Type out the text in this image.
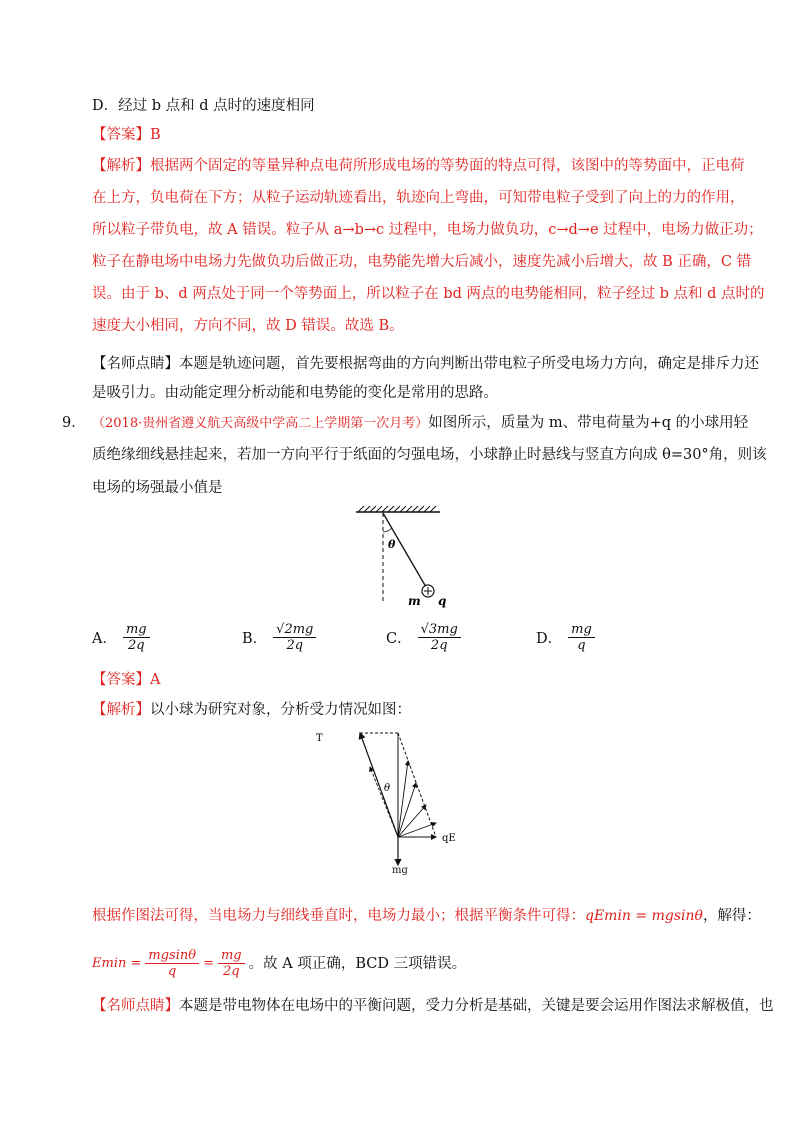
D．经过 b 点和 d 点时的速度相同
【答案】B
【解析】根据两个固定的等量异种点电荷所形成电场的等势面的特点可得，该图中的等势面中，正电荷
在上方，负电荷在下方；从粒子运动轨迹看出，轨迹向上弯曲，可知带电粒子受到了向上的力的作用，
所以粒子带负电，故 A 错误。粒子从 a→b→c 过程中，电场力做负功，c→d→e 过程中，电场力做正功；
粒子在静电场中电场力先做负功后做正功，电势能先增大后减小，速度先减小后增大，故 B 正确，C 错
误。由于 b、d 两点处于同一个等势面上，所以粒子在 bd 两点的电势能相同，粒子经过 b 点和 d 点时的
速度大小相同，方向不同，故 D 错误。故选 B。
【名师点睛】本题是轨迹问题，首先要根据弯曲的方向判断出带电粒子所受电场力方向，确定是排斥力还
是吸引力。由动能定理分析动能和电势能的变化是常用的思路。
9． （2018·贵州省遵义航天高级中学高二上学期第一次月考）如图所示，质量为 m、带电荷量为+q 的小球用轻
质绝缘细线悬挂起来，若加一方向平行于纸面的匀强电场，小球静止时悬线与竖直方向成 θ=30°角，则该
电场的场强最小值是
θ
m q
A． $\frac{mg}{2q}$	B． $\frac{√2mg}{2q}$	C． $\frac{√3mg}{2q}$	D． $\frac{mg}{q}$
【答案】A
【解析】以小球为研究对象，分析受力情况如图：
T
θ
qE
mg
根据作图法可得，当电场力与细线垂直时，电场力最小；根据平衡条件可得：qEmin = mgsinθ，解得：
$Emin = \frac{mgsin\theta}{q} = \frac{mg}{2q}$ 。故 A 项正确，BCD 三项错误。
【名师点睛】本题是带电物体在电场中的平衡问题，受力分析是基础，关键是要会运用作图法求解极值，也
